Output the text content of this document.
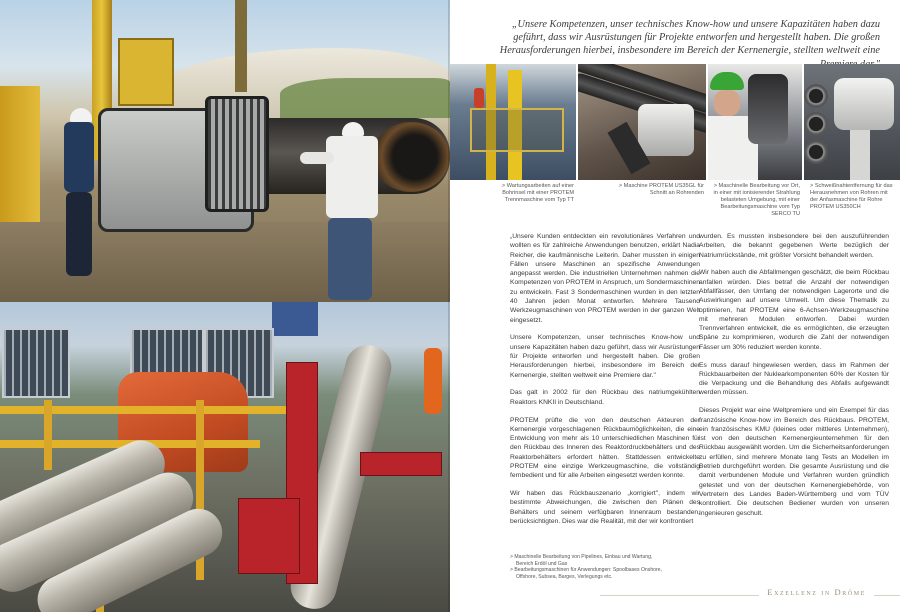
„Unsere Kompetenzen, unser technisches Know-how und unsere Kapazitäten haben dazu geführt, dass wir Ausrüstungen für Projekte entworfen und hergestellt haben. Die großen Herausforderungen hierbei, insbesondere im Bereich der Kernenergie, stellten weltweit eine
> Wartungsarbeiten auf einer Bohrinsel mit einer PROTEM Trennmaschine vom Typ TT
> Maschine PROTEM US35GL für Schnitt an Rohrenden
> Maschinelle Bearbeitung vor Ort, in einer mit ionisierender Strahlung belasteten Umgebung, mit einer Bearbeitungsmaschine vom Typ SERCO TU
> Schweißnahtentfernung für das Herausnehmen von Rohren mit der Anfasmaschine für Rohre PROTEM US350CH

„Unsere Kunden entdeckten ein revolutionäres Verfahren und wollten es für zahlreiche Anwendungen benutzen, erklärt Nadia Reicher, die kaufmännische Leiterin. Daher mussten in einigen Fällen unsere Maschinen an spezifische Anwendungen angepasst werden. Die industriellen Unternehmen nahmen die Kompetenzen von PROTEM in Anspruch, um Sondermaschinen zu entwickeln. Fast 3 Sondermaschinen wurden in den letzten 40 Jahren jeden Monat entworfen. Mehrere Tausend Werkzeugmaschinen von PROTEM werden in der ganzen Welt eingesetzt.

Unsere Kompetenzen, unser technisches Know-how und unsere Kapazitäten haben dazu geführt, dass wir Ausrüstungen für Projekte entworfen und hergestellt haben. Die großen Herausforderungen hierbei, insbesondere im Bereich der Kernenergie, stellten weltweit eine Premiere dar."

Das galt in 2002 für den Rückbau des natriumgekühlten Reaktors KNKII in Deutschland.

PROTEM prüfte die von den deutschen Akteuren der Kernenergie vorgeschlagenen Rückbaumöglichkeiten, die eine Entwicklung von mehr als 10 unterschiedlichen Maschinen für den Rückbau des Inneren des Reaktordruckbehälters und des Reaktorbehälters erfordert hätten. Stattdessen entwickelte PROTEM eine einzige Werkzeugmaschine, die vollständig fernbedient und für alle Arbeiten eingesetzt werden konnte.

Wir haben das Rückbauszenario „korrigiert", indem wir bestimmte Abweichungen, die zwischen den Plänen des Behälters und seinem verfügbaren Innenraum bestanden, berücksichtigten. Dies war die Realität, mit der wir konfrontiert

wurden. Es mussten insbesondere bei den auszuführenden Arbeiten, die bekannt gegebenen Werte bezüglich der Natriumrückstände, mit größter Vorsicht behandelt werden.

Wir haben auch die Abfallmengen geschätzt, die beim Rückbau anfallen würden. Dies betraf die Anzahl der notwendigen Abfallfässer, den Umfang der notwendigen Lagerorte und die Auswirkungen auf unsere Umwelt. Um diese Thematik zu optimieren, hat PROTEM eine 6-Achsen-Werkzeugmaschine mit mehreren Modulen entworfen. Dabei wurden Trennverfahren entwickelt, die es ermöglichten, die erzeugten Späne zu komprimieren, wodurch die Zahl der notwendigen Fässer um 30% reduziert werden konnte.

Es muss darauf hingewiesen werden, dass im Rahmen der Rückbauarbeiten der Nuklearkomponenten 60% der Kosten für die Verpackung und die Behandlung des Abfalls aufgewandt werden müssen.

Dieses Projekt war eine Weltpremiere und ein Exempel für das französische Know-how im Bereich des Rückbaus. PROTEM, ein französisches KMU (kleines oder mittleres Unternehmen), ist von den deutschen Kernenergieunternehmen für den Rückbau ausgewählt worden. Um die Sicherheitsanforderungen zu erfüllen, sind mehrere Monate lang Tests an Modellen im Betrieb durchgeführt worden. Die gesamte Ausrüstung und die damit verbundenen Module und Verfahren wurden gründlich getestet und von der deutschen Kernenergiebehörde, von Vertretern des Landes Baden-Württemberg und vom TÜV kontrolliert. Die deutschen Bediener wurden von unseren Ingenieuren geschult.

> Maschinelle Bearbeitung von Pipelines, Einbau und Wartung,
Bereich Erdöl und Gas
> Bearbeitungsmaschinen für Anwendungen: Spoolbases Onshore,
Offshore, Subsea, Barges, Verlegungs etc.
Exzellenz in Drôme
